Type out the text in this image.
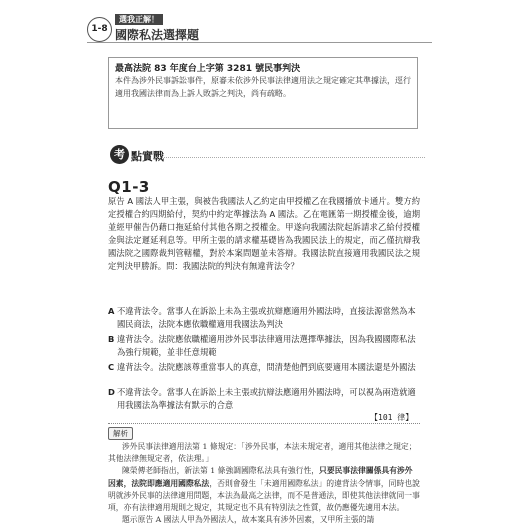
1-8
選我正解！
國際私法選擇題
最高法院 83 年度台上字第 3281 號民事判決
本件為涉外民事訴訟事件，原審未依涉外民事法律適用法之規定確定其準據法，逕行適用我國法律而為上訴人敗訴之判決，尚有疏略。
考 點實戰
Q1-3
原告 A 國法人甲主張，與被告我國法人乙約定由甲授權乙在我國播放卡通片。雙方約定授權合約四期給付，契約中約定準據法為 A 國法。乙在電匯第一期授權金後，逾期並經甲催告仍藉口拖延給付其他各期之授權金。甲遂向我國法院起訴請求乙給付授權金與法定遲延利息等。甲所主張的請求權基礎皆為我國民法上的規定，而乙僅抗辯我國法院之國際裁判管轄權，對於本案問題並未答辯。我國法院直接適用我國民法之規定判決甲勝訴。問：我國法院的判決有無違背法令？
A 不違背法令。當事人在訴訟上未為主張或抗辯應適用外國法時，直接法源當然為本國民商法，法院本應依職權適用我國法為判決
B 違背法令。法院應依職權適用涉外民事法律適用法選擇準據法，因為我國國際私法為強行規範，並非任意規範
C 違背法令。法院應該尊重當事人的真意，問清楚他們到底要適用本國法還是外國法
D 不違背法令。當事人在訴訟上未主張或抗辯法應適用外國法時，可以視為兩造就適用我國法為準據法有默示的合意
【101 律】
解析
涉外民事法律適用法第 1 條規定：「涉外民事，本法未規定者，適用其他法律之規定；其他法律無規定者，依法理。」
陳榮傳老師指出，新法第 1 條強調國際私法具有強行性，只要民事法律關係具有涉外因素，法院即應適用國際私法，否則會發生「未適用國際私法」的違背法令情事，同時也說明就涉外民事的法律適用問題，本法為最高之法律，而不是普通法，即使其他法律就同一事項，亦有法律適用規則之規定，其規定也不具有特別法之性質，故仍應優先適用本法。
題示原告 A 國法人甲為外國法人，故本案具有涉外因素，又甲所主張的請
